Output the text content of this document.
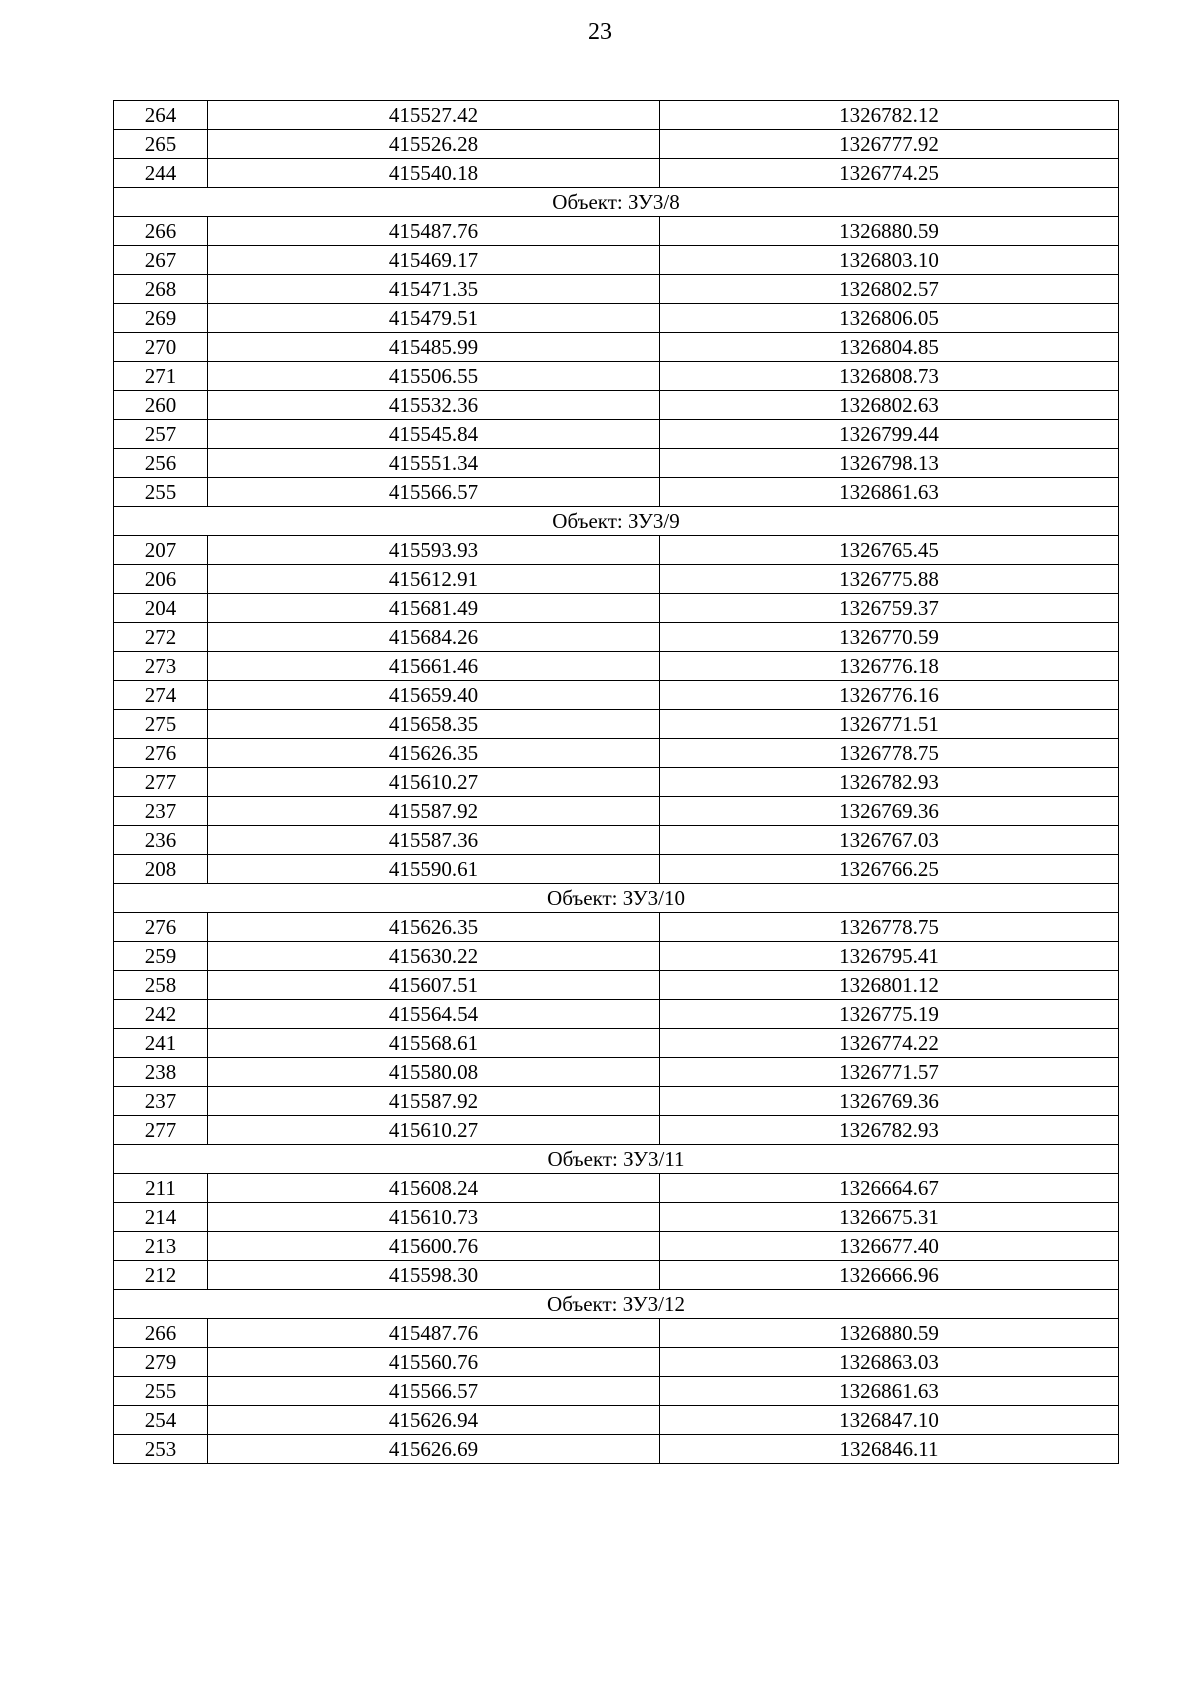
23
264	415527.42	1326782.12
265	415526.28	1326777.92
244	415540.18	1326774.25
Объект: ЗУ3/8		
266	415487.76	1326880.59
267	415469.17	1326803.10
268	415471.35	1326802.57
269	415479.51	1326806.05
270	415485.99	1326804.85
271	415506.55	1326808.73
260	415532.36	1326802.63
257	415545.84	1326799.44
256	415551.34	1326798.13
255	415566.57	1326861.63
Объект: ЗУ3/9		
207	415593.93	1326765.45
206	415612.91	1326775.88
204	415681.49	1326759.37
272	415684.26	1326770.59
273	415661.46	1326776.18
274	415659.40	1326776.16
275	415658.35	1326771.51
276	415626.35	1326778.75
277	415610.27	1326782.93
237	415587.92	1326769.36
236	415587.36	1326767.03
208	415590.61	1326766.25
Объект: ЗУ3/10		
276	415626.35	1326778.75
259	415630.22	1326795.41
258	415607.51	1326801.12
242	415564.54	1326775.19
241	415568.61	1326774.22
238	415580.08	1326771.57
237	415587.92	1326769.36
277	415610.27	1326782.93
Объект: ЗУ3/11		
211	415608.24	1326664.67
214	415610.73	1326675.31
213	415600.76	1326677.40
212	415598.30	1326666.96
Объект: ЗУ3/12		
266	415487.76	1326880.59
279	415560.76	1326863.03
255	415566.57	1326861.63
254	415626.94	1326847.10
253	415626.69	1326846.11
